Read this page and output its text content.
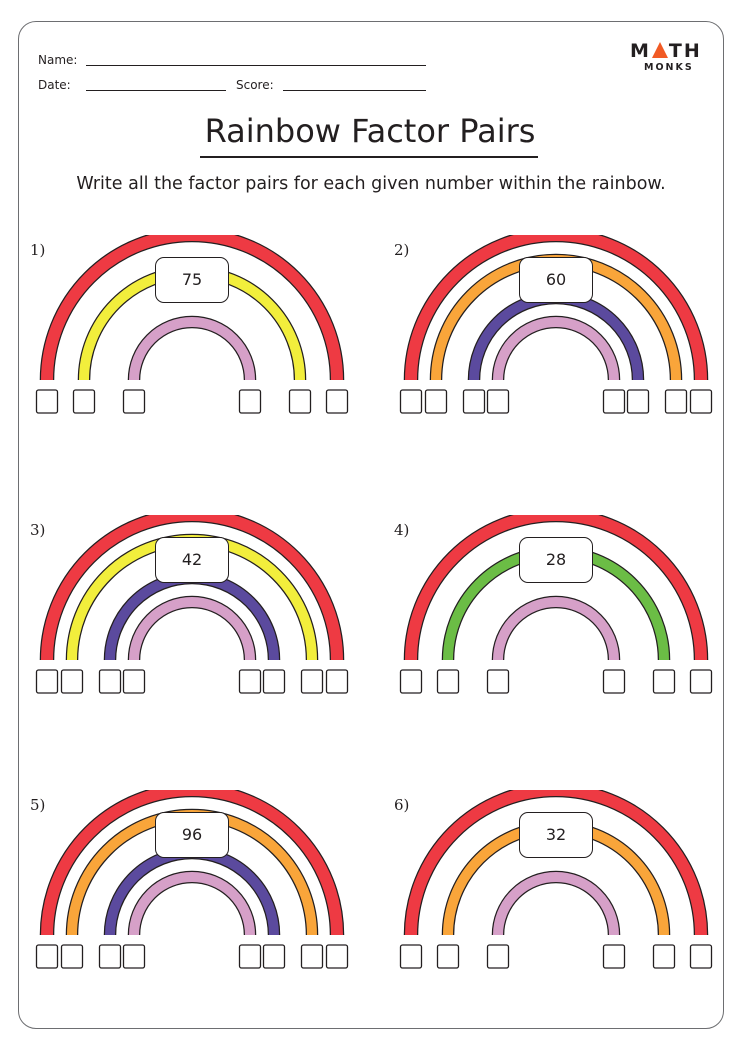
Name:
Date:	Score:
M TH
MONKS
Rainbow Factor Pairs
Write all the factor pairs for each given number within the rainbow.
1)
75
2)
60
3)
42
4)
28
5)
96
6)
32
